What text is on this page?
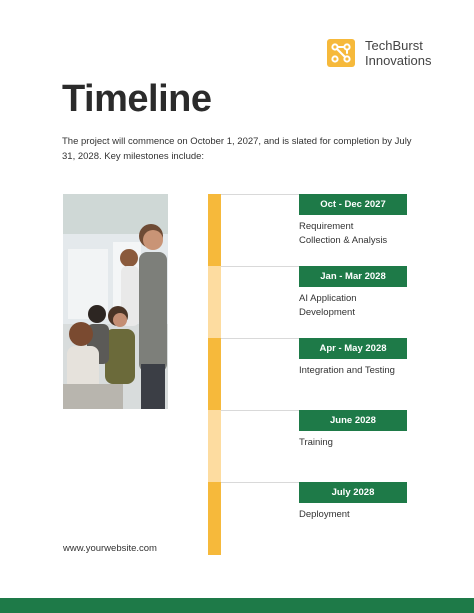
TechBurst
Innovations
Timeline

The project will commence on October 1, 2027, and is slated for completion by July 31, 2028. Key milestones include:

Oct - Dec 2027
Requirement
Collection & Analysis
Jan - Mar 2028
AI Application
Development
Apr - May 2028
Integration and Testing
June 2028
Training
July 2028
Deployment
www.yourwebsite.com
